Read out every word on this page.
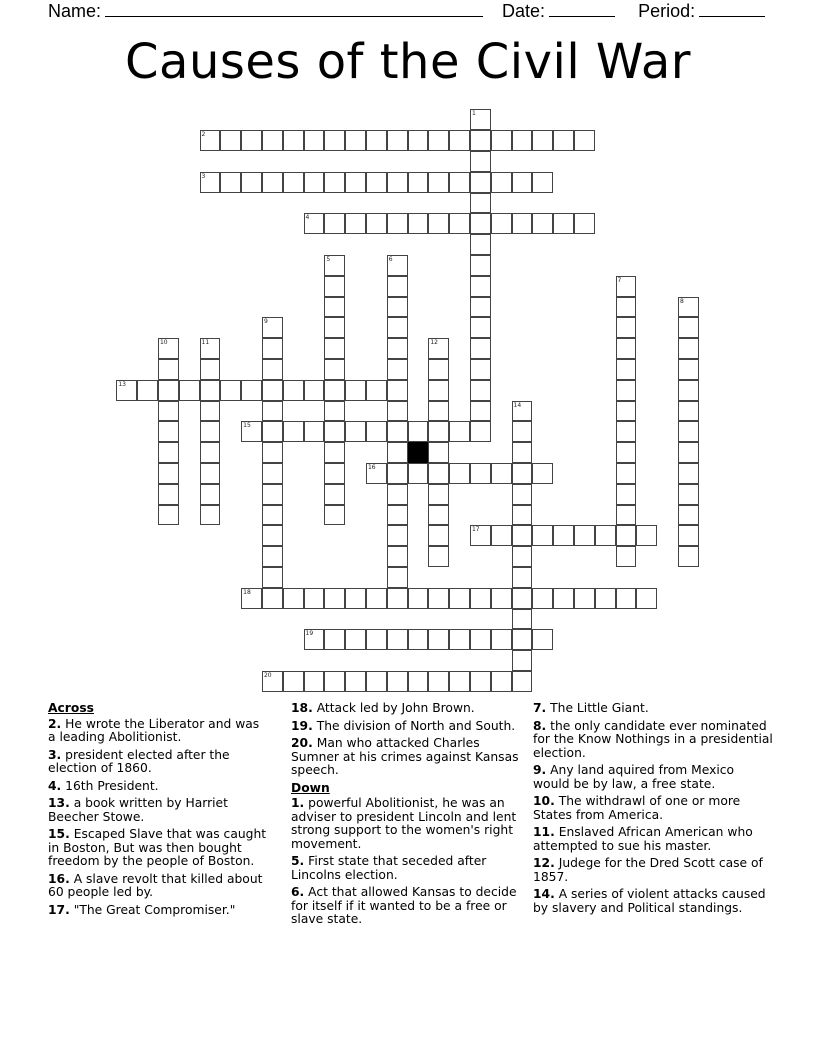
Name:	Date:	Period:
Causes of the Civil War
1
2
3
4
5	6
7
8
9
10	11	12
13
14
15
16
17
18
19
20
Across
2. He wrote the Liberator and was a leading Abolitionist.
3. president elected after the election of 1860.
4. 16th President.
13. a book written by Harriet Beecher Stowe.
15. Escaped Slave that was caught in Boston, But was then bought freedom by the people of Boston.
16. A slave revolt that killed about 60 people led by.
17. "The Great Compromiser."
18. Attack led by John Brown.
19. The division of North and South.
20. Man who attacked Charles Sumner at his crimes against Kansas speech.
Down
1. powerful Abolitionist, he was an adviser to president Lincoln and lent strong support to the women's right movement.
5. First state that seceded after Lincolns election.
6. Act that allowed Kansas to decide for itself if it wanted to be a free or slave state.
7. The Little Giant.
8. the only candidate ever nominated for the Know Nothings in a presidential election.
9. Any land aquired from Mexico would be by law, a free state.
10. The withdrawl of one or more States from America.
11. Enslaved African American who attempted to sue his master.
12. Judege for the Dred Scott case of 1857.
14. A series of violent attacks caused by slavery and Political standings.
